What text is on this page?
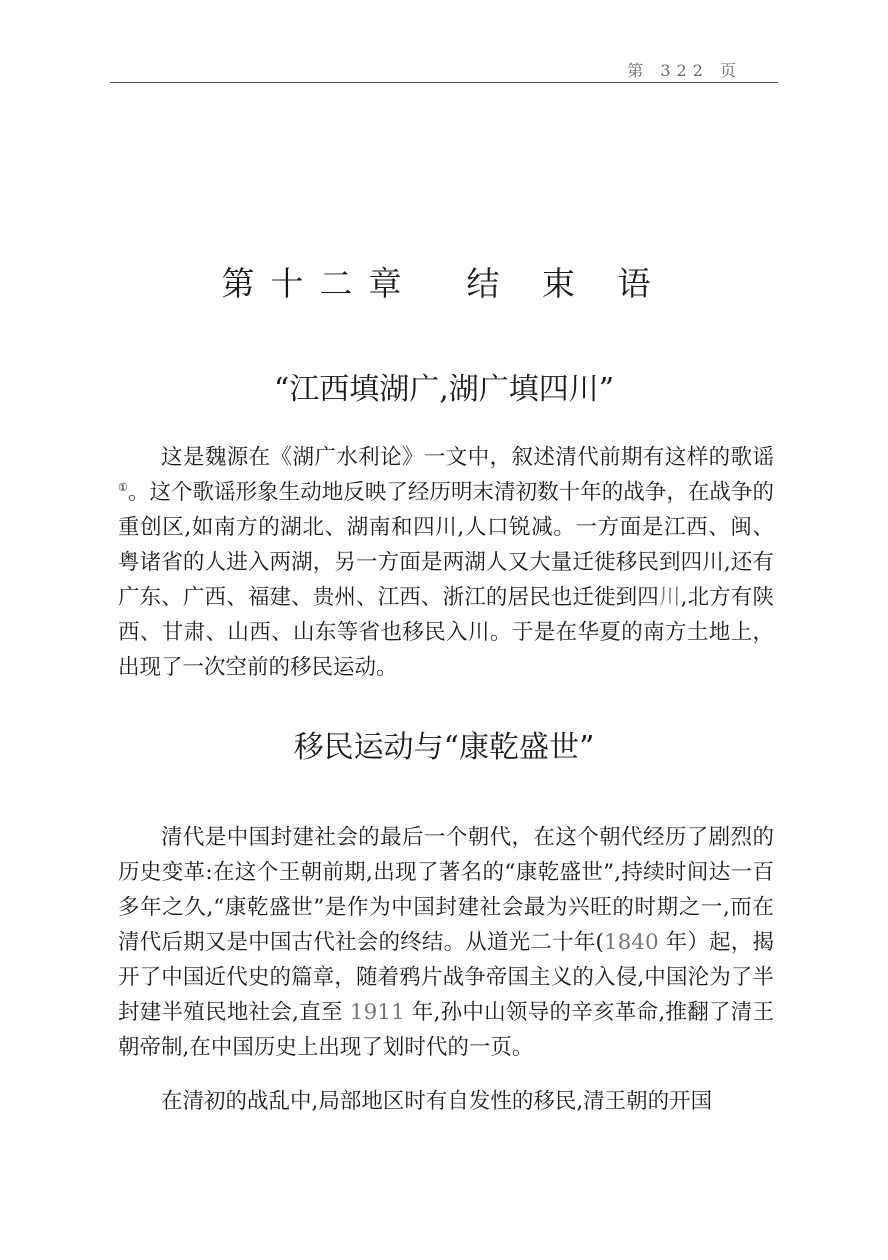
第 322 页
第十二章　结 束 语
“江西填湖广,湖广填四川”

这是魏源在《湖广水利论》一文中，叙述清代前期有这样的歌谣①。这个歌谣形象生动地反映了经历明末清初数十年的战争，在战争的重创区,如南方的湖北、湖南和四川,人口锐减。一方面是江西、闽、粤诸省的人进入两湖，另一方面是两湖人又大量迁徙移民到四川,还有广东、广西、福建、贵州、江西、浙江的居民也迁徙到四川,北方有陕西、甘肃、山西、山东等省也移民入川。于是在华夏的南方土地上，出现了一次空前的移民运动。

移民运动与“康乾盛世”

清代是中国封建社会的最后一个朝代，在这个朝代经历了剧烈的历史变革:在这个王朝前期,出现了著名的“康乾盛世”,持续时间达一百多年之久,“康乾盛世”是作为中国封建社会最为兴旺的时期之一,而在清代后期又是中国古代社会的终结。从道光二十年(1840 年）起，揭开了中国近代史的篇章，随着鸦片战争帝国主义的入侵,中国沦为了半封建半殖民地社会,直至 1911 年,孙中山领导的辛亥革命,推翻了清王朝帝制,在中国历史上出现了划时代的一页。

在清初的战乱中,局部地区时有自发性的移民,清王朝的开国
